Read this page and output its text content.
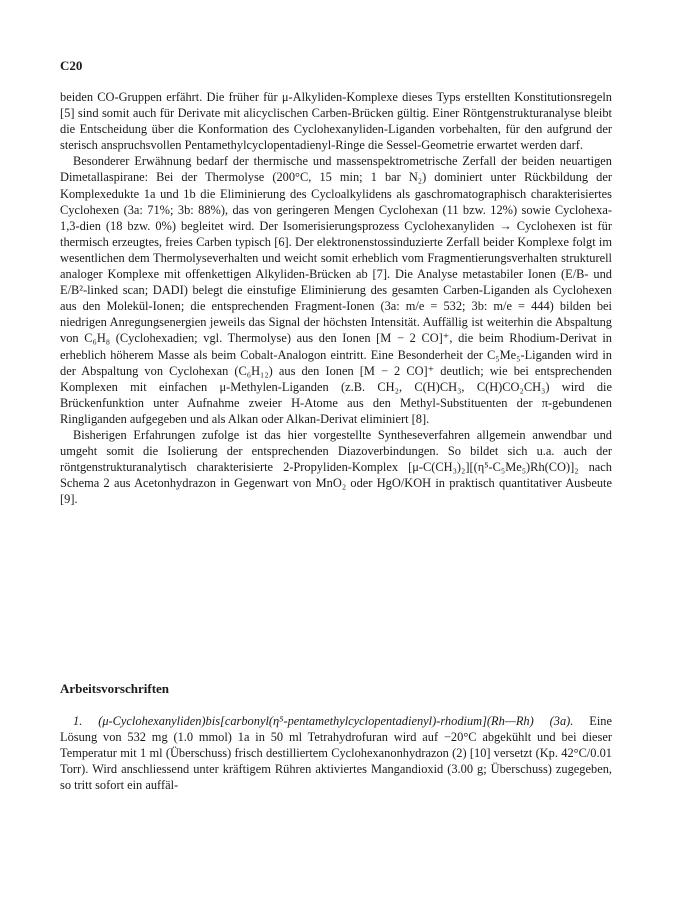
C20

beiden CO-Gruppen erfährt. Die früher für μ-Alkyliden-Komplexe dieses Typs erstellten Konstitutionsregeln [5] sind somit auch für Derivate mit alicyclischen Carben-Brücken gültig. Einer Röntgenstrukturanalyse bleibt die Entscheidung über die Konformation des Cyclohexanyliden-Liganden vorbehalten, für den aufgrund der sterisch anspruchsvollen Pentamethylcyclopentadienyl-Ringe die Sessel-Geometrie erwartet werden darf.

Besonderer Erwähnung bedarf der thermische und massenspektrometrische Zerfall der beiden neuartigen Dimetallaspirane: Bei der Thermolyse (200°C, 15 min; 1 bar N₂) dominiert unter Rückbildung der Komplexedukte 1a und 1b die Eliminierung des Cycloalkylidens als gaschromatographisch charakterisiertes Cyclohexen (3a: 71%; 3b: 88%), das von geringeren Mengen Cyclohexan (11 bzw. 12%) sowie Cyclohexa-1,3-dien (18 bzw. 0%) begleitet wird. Der Isomerisierungsprozess Cyclohexanyliden → Cyclohexen ist für thermisch erzeugtes, freies Carben typisch [6]. Der elektronenstossinduzierte Zerfall beider Komplexe folgt im wesentlichen dem Thermolyseverhalten und weicht somit erheblich vom Fragmentierungsverhalten strukturell analoger Komplexe mit offenkettigen Alkyliden-Brücken ab [7]. Die Analyse metastabiler Ionen (E/B- und E/B²-linked scan; DADI) belegt die einstufige Eliminierung des gesamten Carben-Liganden als Cyclohexen aus den Molekül-Ionen; die entsprechenden Fragment-Ionen (3a: m/e = 532; 3b: m/e = 444) bilden bei niedrigen Anregungsenergien jeweils das Signal der höchsten Intensität. Auffällig ist weiterhin die Abspaltung von C₆H₈ (Cyclohexadien; vgl. Thermolyse) aus den Ionen [M − 2 CO]⁺, die beim Rhodium-Derivat in erheblich höherem Masse als beim Cobalt-Analogon eintritt. Eine Besonderheit der C₅Me₅-Liganden wird in der Abspaltung von Cyclohexan (C₆H₁₂) aus den Ionen [M − 2 CO]⁺ deutlich; wie bei entsprechenden Komplexen mit einfachen μ-Methylen-Liganden (z.B. CH₂, C(H)CH₃, C(H)CO₂CH₃) wird die Brückenfunktion unter Aufnahme zweier H-Atome aus den Methyl-Substituenten der π-gebundenen Ringliganden aufgegeben und als Alkan oder Alkan-Derivat eliminiert [8].

Bisherigen Erfahrungen zufolge ist das hier vorgestellte Syntheseverfahren allgemein anwendbar und umgeht somit die Isolierung der entsprechenden Diazoverbindungen. So bildet sich u.a. auch der röntgenstrukturanalytisch charakterisierte 2-Propyliden-Komplex [μ-C(CH₃)₂][(η⁵-C₅Me₅)Rh(CO)]₂ nach Schema 2 aus Acetonhydrazon in Gegenwart von MnO₂ oder HgO/KOH in praktisch quantitativer Ausbeute [9].

Arbeitsvorschriften

1. (μ-Cyclohexanyliden)bis[carbonyl(η⁵-pentamethylcyclopentadienyl)-rhodium](Rh—Rh) (3a). Eine Lösung von 532 mg (1.0 mmol) 1a in 50 ml Tetrahydrofuran wird auf −20°C abgekühlt und bei dieser Temperatur mit 1 ml (Überschuss) frisch destilliertem Cyclohexanonhydrazon (2) [10] versetzt (Kp. 42°C/0.01 Torr). Wird anschliessend unter kräftigem Rühren aktiviertes Mangandioxid (3.00 g; Überschuss) zugegeben, so tritt sofort ein auffäl-
